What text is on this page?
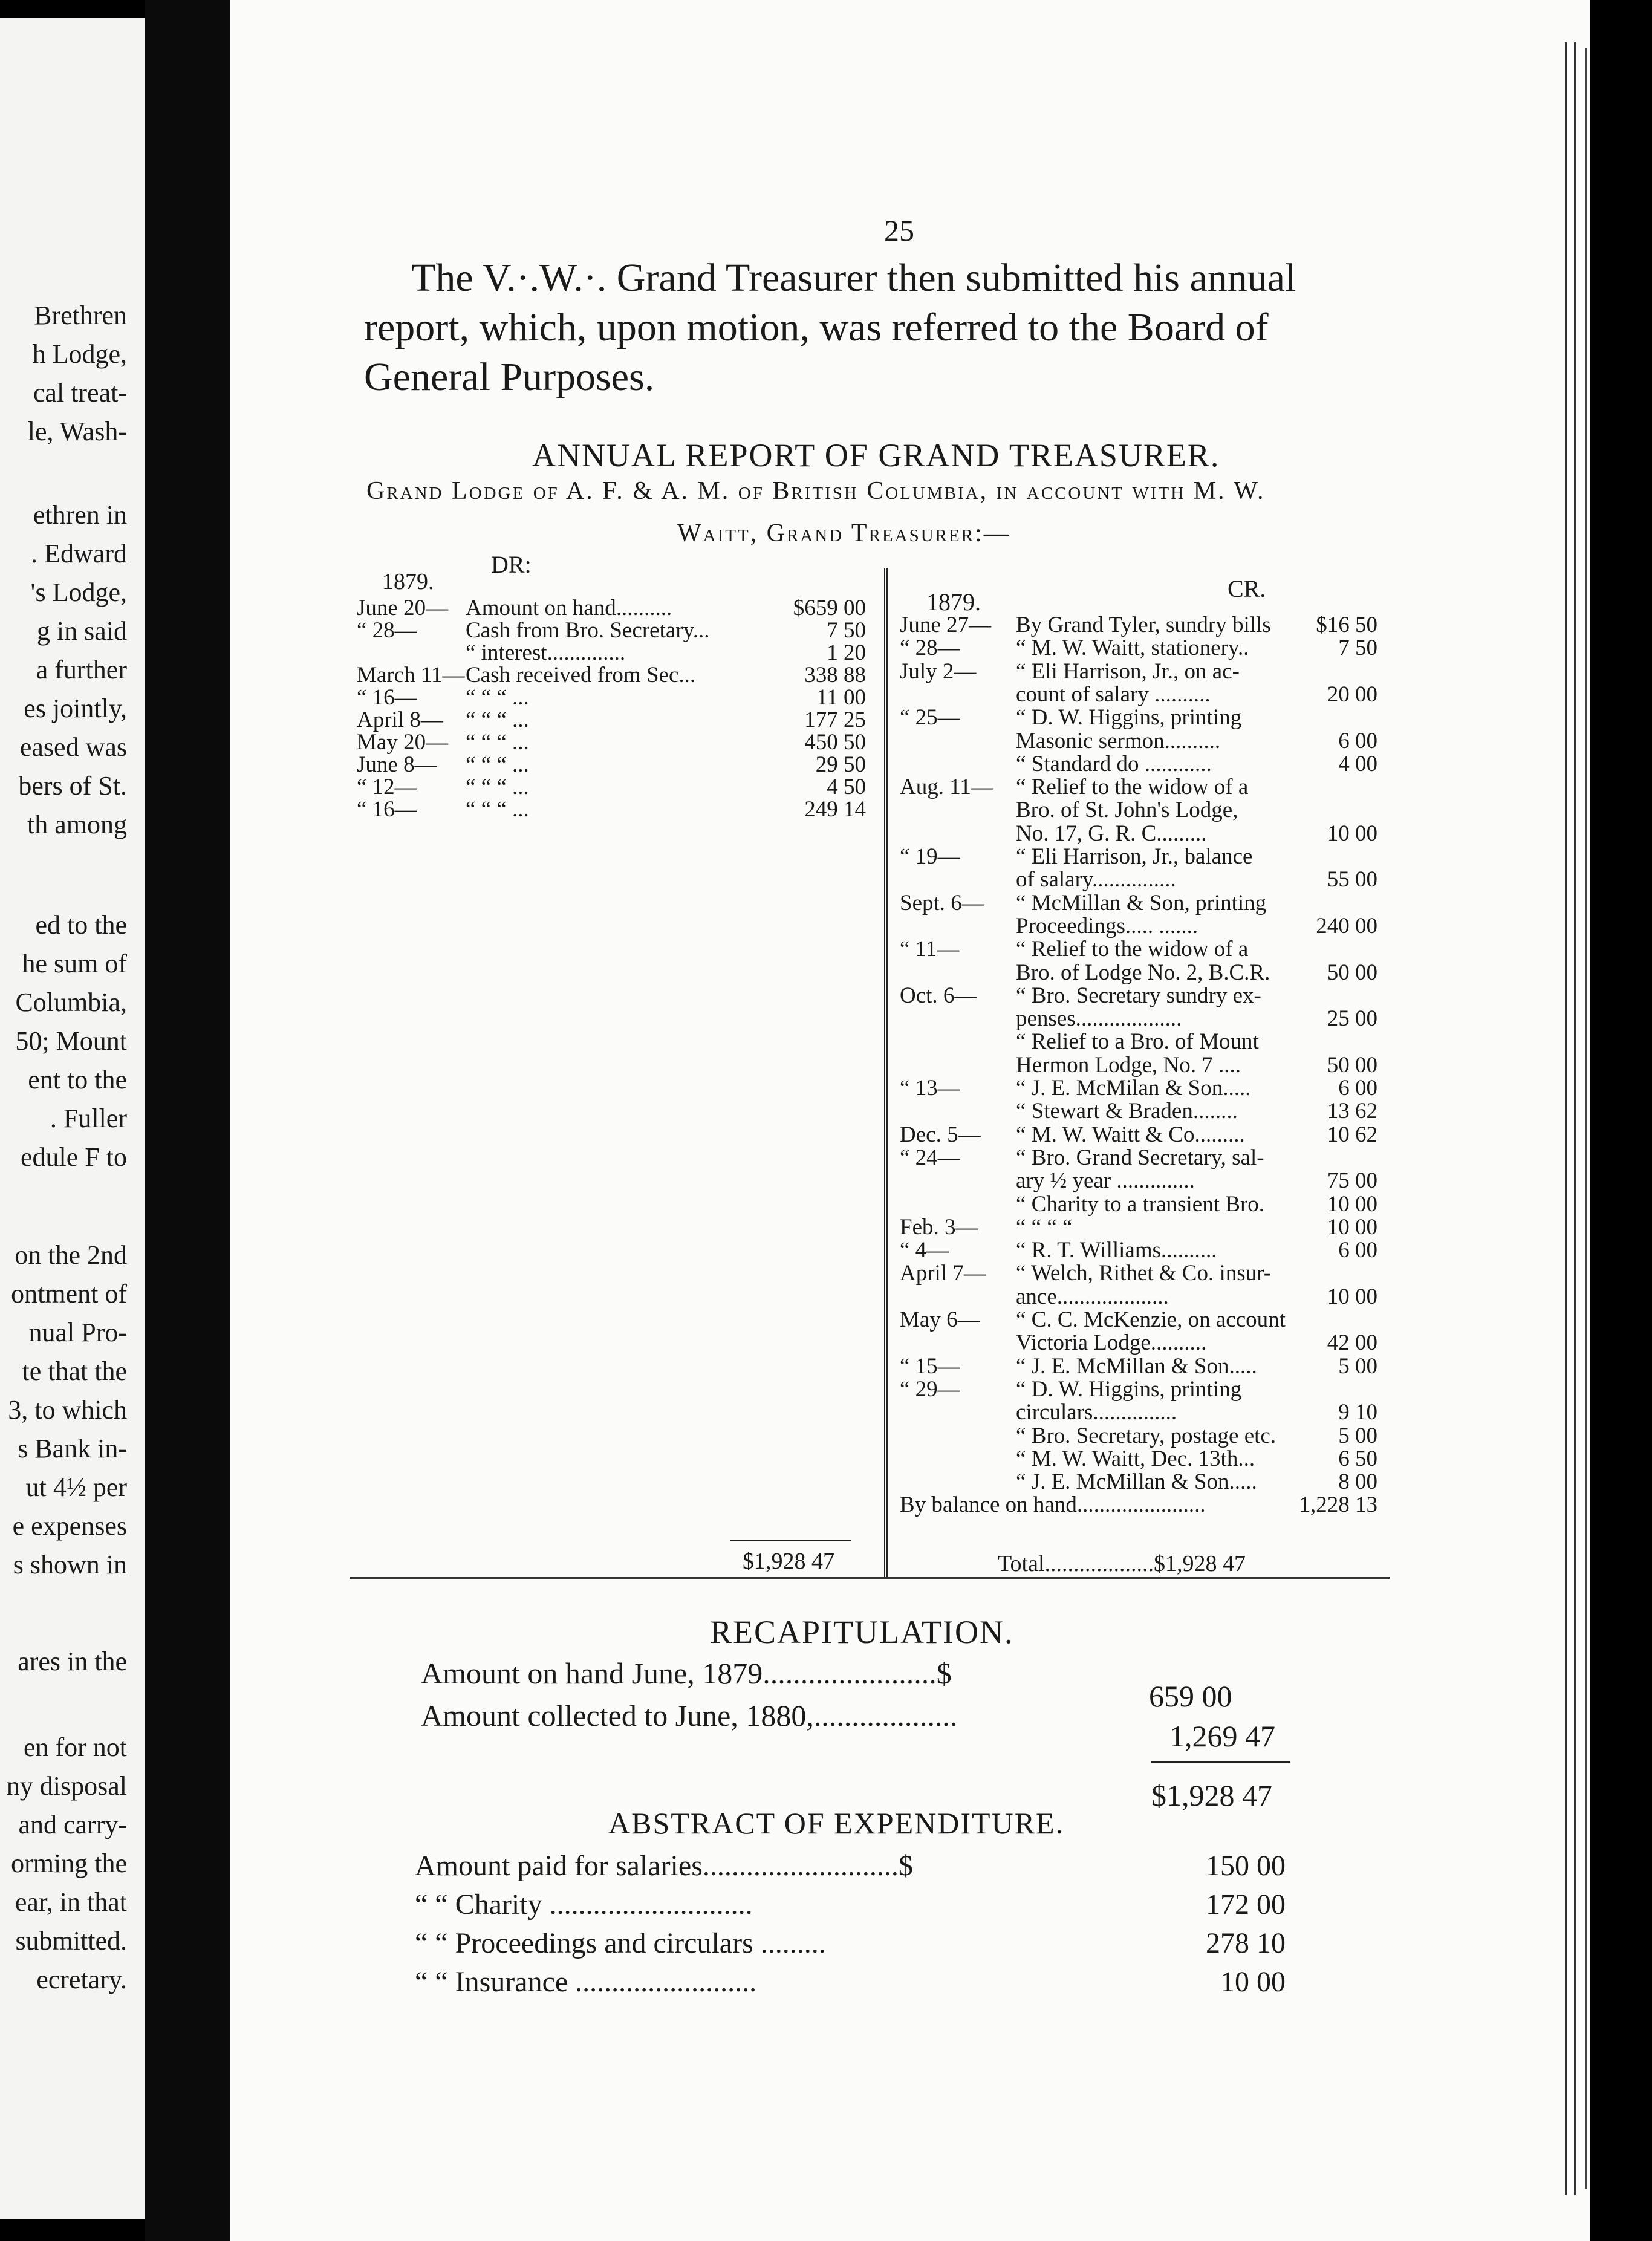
Brethren
h Lodge,
cal treat-
le, Wash-
ethren in
. Edward
's Lodge,
g in said
a further
es jointly,
eased was
bers of St.
th among
ed to the
he sum of
Columbia,
50; Mount
ent to the
. Fuller
edule F to
on the 2nd
ontment of
nual Pro-
te that the
3, to which
s Bank in-
ut 4½ per
e expenses
s shown in
ares in the
en for not
ny disposal
and carry-
orming the
ear, in that
submitted.
ecretary.
25
The V.·.W.·. Grand Treasurer then submitted his annual
report, which, upon motion, was referred to the Board of
General Purposes.
ANNUAL REPORT OF GRAND TREASURER.
Grand Lodge of A. F. & A. M. of British Columbia, in account with M. W.
Waitt, Grand Treasurer:—
DR:
CR.
1879.
1879.
June 20— Amount on hand..........	$659 00
“ 28— Cash from Bro. Secretary...	7 50
“ interest..............	1 20
March 11— Cash received from Sec...	338 88
“ 16— “ “ “ ...	11 00
April 8— “ “ “ ...	177 25
May 20— “ “ “ ...	450 50
June 8— “ “ “ ...	29 50
“ 12— “ “ “ ...	4 50
“ 16— “ “ “ ...	249 14
June 27— By Grand Tyler, sundry bills $16 50
“ 28— “ M. W. Waitt, stationery..	7 50
July 2— “ Eli Harrison, Jr., on ac-
count of salary ..........	20 00
“ 25— “ D. W. Higgins, printing
Masonic sermon..........	6 00
“ Standard do ............	4 00
Aug. 11— “ Relief to the widow of a
Bro. of St. John's Lodge,
No. 17, G. R. C.........	10 00
“ 19— “ Eli Harrison, Jr., balance
of salary...............	55 00
Sept. 6— “ McMillan & Son, printing
Proceedings..... .......	240 00
“ 11—	“ Relief to the widow of a
Bro. of Lodge No. 2, B.C.R.	50 00
Oct. 6— “ Bro. Secretary sundry ex-
penses...................	25 00
“ Relief to a Bro. of Mount
Hermon Lodge, No. 7 ....	50 00
“ 13— “ J. E. McMilan & Son.....	6 00
“ Stewart & Braden........	13 62
Dec. 5— “ M. W. Waitt & Co.........	10 62
“ 24— “ Bro. Grand Secretary, sal-
ary ½ year ..............	75 00
“ Charity to a transient Bro.	10 00
Feb. 3— “ “ “ “	10 00
“ 4—	“ R. T. Williams..........	6 00
April 7— “ Welch, Rithet & Co. insur-
ance....................	10 00
May 6— “ C. C. McKenzie, on account
Victoria Lodge..........	42 00
“ 15— “ J. E. McMillan & Son.....	5 00
“ 29— “ D. W. Higgins, printing
circulars...............	9 10
“ Bro. Secretary, postage etc.	5 00
“ M. W. Waitt, Dec. 13th...	6 50
“ J. E. McMillan & Son.....	8 00
By balance on hand.......................	1,228 13
$1,928 47	Total...................$1,928 47
RECAPITULATION.
Amount on hand June, 1879.......................$
Amount collected to June, 1880,...................
659 00
1,269 47
$1,928 47
ABSTRACT OF EXPENDITURE.
Amount paid for salaries...........................$	150 00
“ “ Charity ............................	172 00
“ “ Proceedings and circulars .........	278 10
“ “ Insurance .........................	10 00
